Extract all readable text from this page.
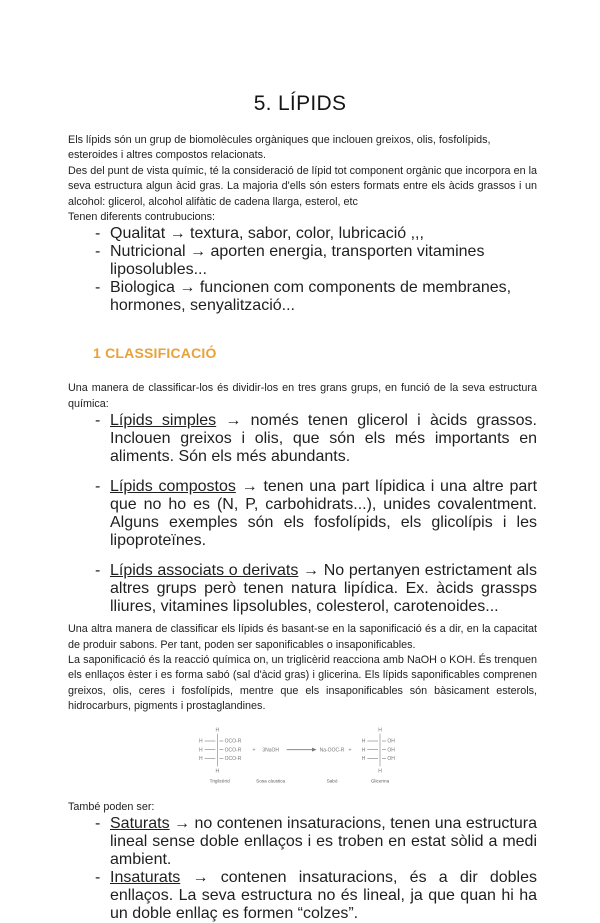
5. LÍPIDS

Els lípids són un grup de biomolècules orgàniques que inclouen greixos, olis, fosfolípids, esteroides i altres compostos relacionats.

Des del punt de vista químic, té la consideració de lípid tot component orgànic que incorpora en la seva estructura algun àcid gras. La majoria d'ells són esters formats entre els àcids grassos i un alcohol: glicerol, alcohol alifàtic de cadena llarga, esterol, etc

Tenen diferents contrubucions:

- Qualitat → textura, sabor, color, lubricació ,,,
- Nutricional → aporten energia, transporten vitamines liposolubles...
- Biologica → funcionen com components de membranes, hormones, senyalització...
1 CLASSIFICACIÓ

Una manera de classificar-los és dividir-los en tres grans grups, en funció de la seva estructura química:

- Lípids simples → només tenen glicerol i àcids grassos. Inclouen greixos i olis, que són els més importants en aliments. Són els més abundants.
- Lípids compostos → tenen una part lípidica i una altre part que no ho es (N, P, carbohidrats...), unides covalentment. Alguns exemples són els fosfolípids, els glicolípis i les lipoproteïnes.
- Lípids associats o derivats → No pertanyen estrictament als altres grups però tenen natura lipídica. Ex. àcids grassps lliures, vitamines lipsolubles, colesterol, carotenoides...

Una altra manera de classificar els lípids és basant-se en la saponificació és a dir, en la capacitat de produir sabons. Per tant, poden ser saponificables o insaponificables.

La saponificació és la reacció química on, un triglicèrid reacciona amb NaOH o KOH. És trenquen els enllaços èster i es forma sabó (sal d'àcid gras) i glicerina. Els lípids saponificables comprenen greixos, olis, ceres i fosfolípids, mentre que els insaponificables són bàsicament esterols, hidrocarburs, pigments i prostaglandines.

H
H OCO-R
H OCO-R
H OCO-R
H
Triglicèrid
+ 3NaOH
Sosa càustica
Na-OOC-R
Sabó
+
H
H OH
H OH
H OH
H
Glicerina

També poden ser:

- Saturats → no contenen insaturacions, tenen una estructura lineal sense doble enllaços i es troben en estat sòlid a medi ambient.
- Insaturats → contenen insaturacions, és a dir dobles enllaços. La seva estructura no és lineal, ja que quan hi ha un doble enllaç es formen “colzes”.
